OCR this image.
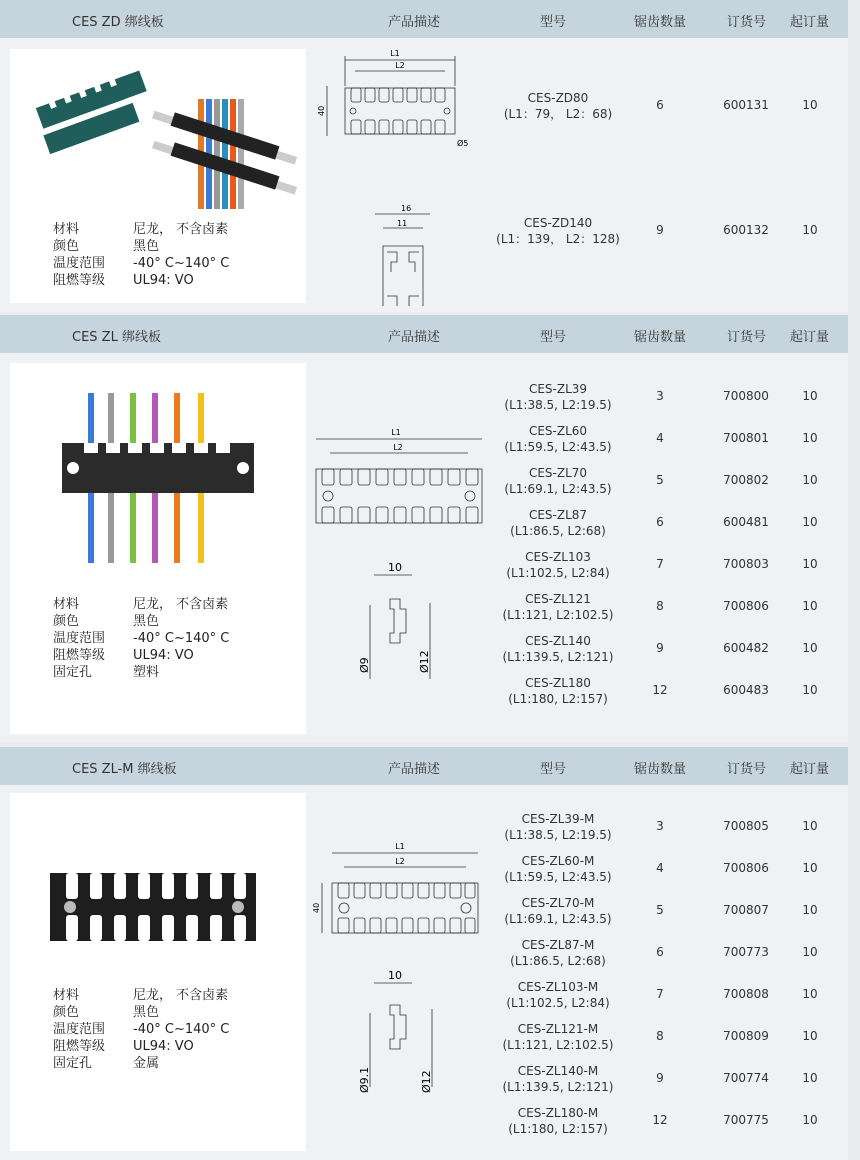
CES ZD 绑线板	产品描述	型号	锯齿数量	订货号 起订量
材料	尼龙， 不含卤素
颜色	黑色
温度范围	-40° C~140° C
阻燃等级	UL94: VO
L1
L2
40
Ø5
16
11
CES-ZD80
(L1：79， L2：68)
6	600131	10
CES-ZD140
(L1：139， L2：128)
9	600132	10
CES ZL 绑线板	产品描述	型号	锯齿数量	订货号 起订量
材料	尼龙， 不含卤素
颜色	黑色
温度范围	-40° C~140° C
阻燃等级	UL94: VO
固定孔	塑料
L1
L2
10
Ø9	Ø12
CES-ZL39
(L1:38.5, L2:19.5)
3	700800	10
CES-ZL60
(L1:59.5, L2:43.5)
4	700801	10
CES-ZL70
(L1:69.1, L2:43.5)
5	700802	10
CES-ZL87
(L1:86.5, L2:68)
6	600481	10
CES-ZL103
(L1:102.5, L2:84)
7	700803	10
CES-ZL121
(L1:121, L2:102.5)
8	700806	10
CES-ZL140
(L1:139.5, L2:121)
9	600482	10
CES-ZL180
(L1:180, L2:157)
12	600483	10
CES ZL-M 绑线板	产品描述	型号	锯齿数量	订货号 起订量
材料	尼龙， 不含卤素
颜色	黑色
温度范围	-40° C~140° C
阻燃等级	UL94: VO
固定孔	金属
L1
L2
40
10
Ø9.1	Ø12
CES-ZL39-M
(L1:38.5, L2:19.5)
3	700805	10
CES-ZL60-M
(L1:59.5, L2:43.5)
4	700806	10
CES-ZL70-M
(L1:69.1, L2:43.5)
5	700807	10
CES-ZL87-M
(L1:86.5, L2:68)
6	700773	10
CES-ZL103-M
(L1:102.5, L2:84)
7	700808	10
CES-ZL121-M
(L1:121, L2:102.5)
8	700809	10
CES-ZL140-M
(L1:139.5, L2:121)
9	700774	10
CES-ZL180-M
(L1:180, L2:157)
12	700775	10
